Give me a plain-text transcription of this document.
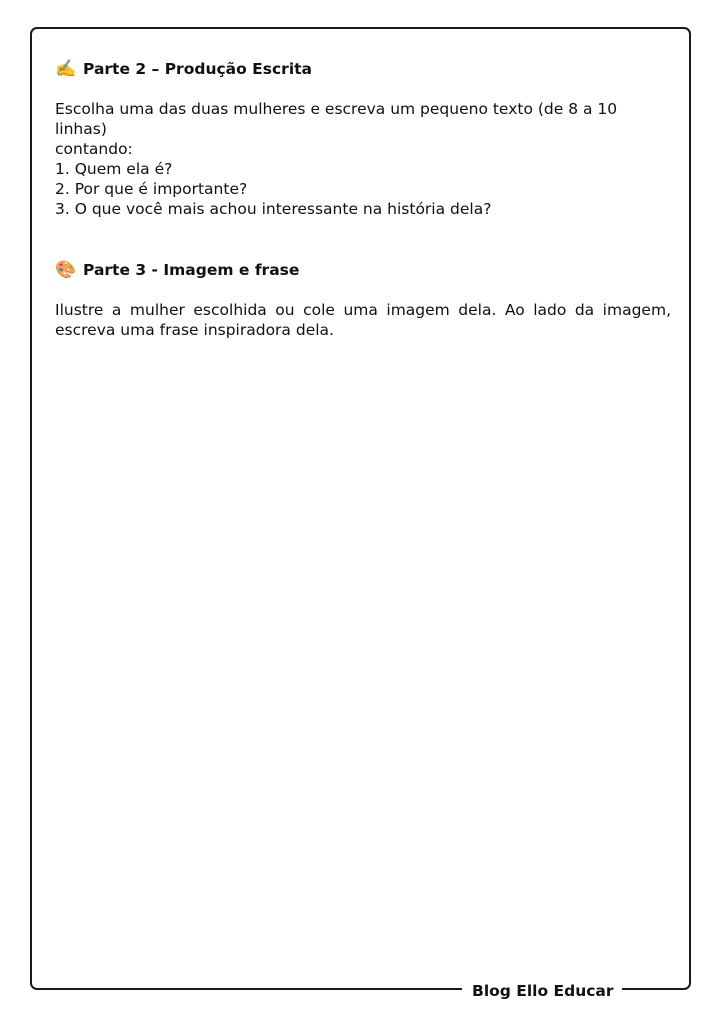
✍️ Parte 2 – Produção Escrita

Escolha uma das duas mulheres e escreva um pequeno texto (de 8 a 10 linhas)
contando:

1. Quem ela é?
2. Por que é importante?
3. O que você mais achou interessante na história dela?
🎨 Parte 3 - Imagem e frase

Ilustre a mulher escolhida ou cole uma imagem dela. Ao lado da imagem, escreva uma frase inspiradora dela.

Blog Ello Educar
